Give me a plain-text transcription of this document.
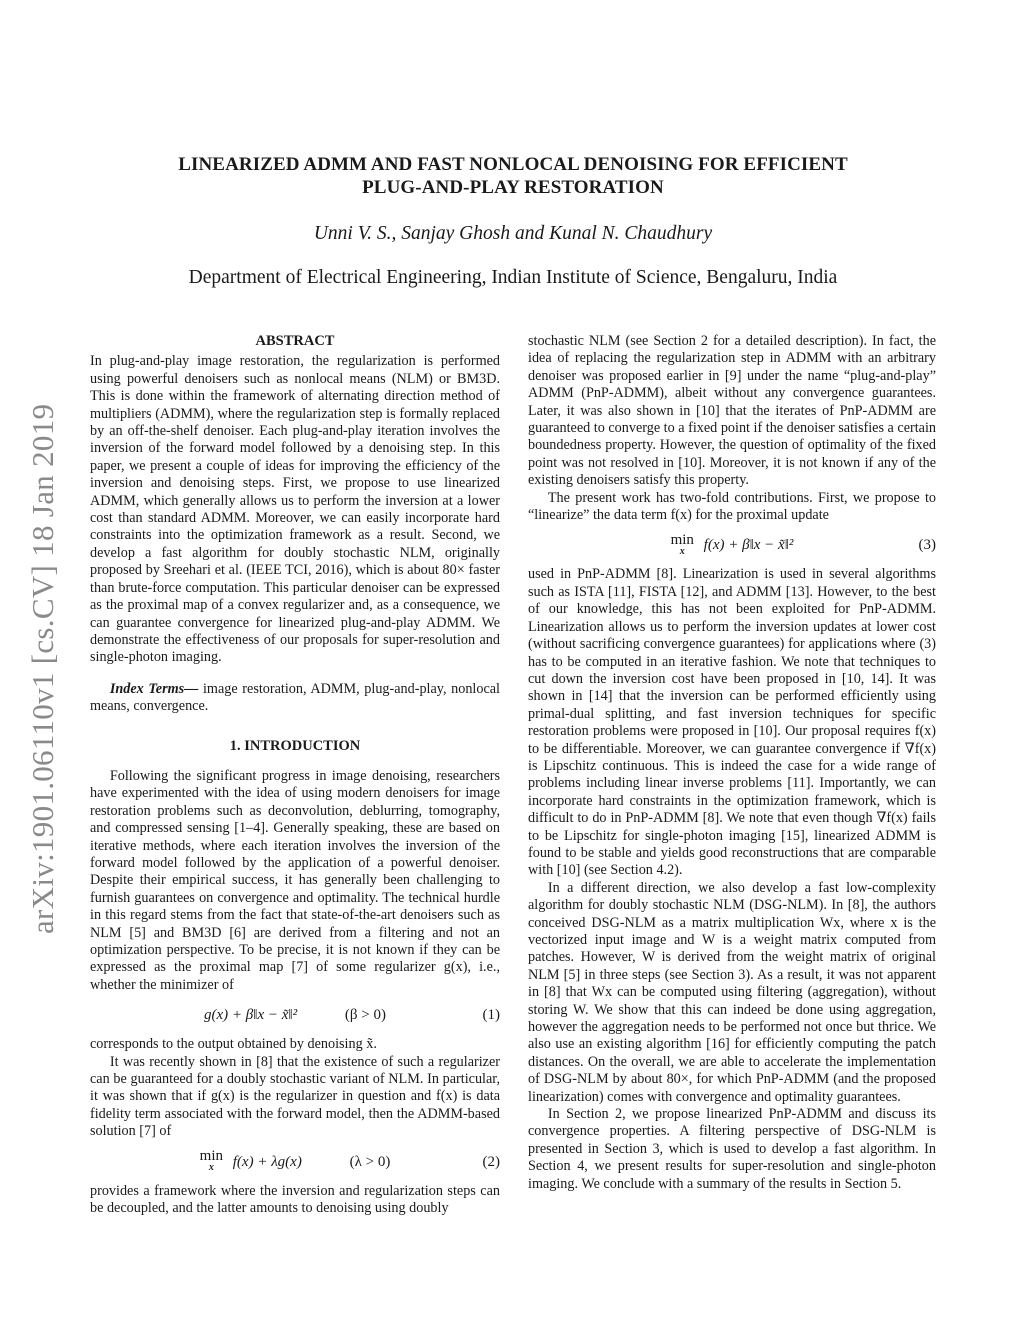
arXiv:1901.06110v1 [cs.CV] 18 Jan 2019
LINEARIZED ADMM AND FAST NONLOCAL DENOISING FOR EFFICIENT
PLUG-AND-PLAY RESTORATION
Unni V. S., Sanjay Ghosh and Kunal N. Chaudhury
Department of Electrical Engineering, Indian Institute of Science, Bengaluru, India
ABSTRACT

In plug-and-play image restoration, the regularization is performed using powerful denoisers such as nonlocal means (NLM) or BM3D. This is done within the framework of alternating direction method of multipliers (ADMM), where the regularization step is formally replaced by an off-the-shelf denoiser. Each plug-and-play iteration involves the inversion of the forward model followed by a denoising step. In this paper, we present a couple of ideas for improving the efficiency of the inversion and denoising steps. First, we propose to use linearized ADMM, which generally allows us to perform the inversion at a lower cost than standard ADMM. Moreover, we can easily incorporate hard constraints into the optimization framework as a result. Second, we develop a fast algorithm for doubly stochastic NLM, originally proposed by Sreehari et al. (IEEE TCI, 2016), which is about 80× faster than brute-force computation. This particular denoiser can be expressed as the proximal map of a convex regularizer and, as a consequence, we can guarantee convergence for linearized plug-and-play ADMM. We demonstrate the effectiveness of our proposals for super-resolution and single-photon imaging.

Index Terms— image restoration, ADMM, plug-and-play, nonlocal means, convergence.

1. INTRODUCTION

Following the significant progress in image denoising, researchers have experimented with the idea of using modern denoisers for image restoration problems such as deconvolution, deblurring, tomography, and compressed sensing [1–4]. Generally speaking, these are based on iterative methods, where each iteration involves the inversion of the forward model followed by the application of a powerful denoiser. Despite their empirical success, it has generally been challenging to furnish guarantees on convergence and optimality. The technical hurdle in this regard stems from the fact that state-of-the-art denoisers such as NLM [5] and BM3D [6] are derived from a filtering and not an optimization perspective. To be precise, it is not known if they can be expressed as the proximal map [7] of some regularizer g(x), i.e., whether the minimizer of

g(x) + β‖x − x̃‖²	(β > 0)	(1)

corresponds to the output obtained by denoising x̃.

It was recently shown in [8] that the existence of such a regularizer can be guaranteed for a doubly stochastic variant of NLM. In particular, it was shown that if g(x) is the regularizer in question and f(x) is data fidelity term associated with the forward model, then the ADMM-based solution [7] of

min
x	f(x) + λg(x)	(λ > 0)	(2)

provides a framework where the inversion and regularization steps can be decoupled, and the latter amounts to denoising using doubly

stochastic NLM (see Section 2 for a detailed description). In fact, the idea of replacing the regularization step in ADMM with an arbitrary denoiser was proposed earlier in [9] under the name “plug-and-play” ADMM (PnP-ADMM), albeit without any convergence guarantees. Later, it was also shown in [10] that the iterates of PnP-ADMM are guaranteed to converge to a fixed point if the denoiser satisfies a certain boundedness property. However, the question of optimality of the fixed point was not resolved in [10]. Moreover, it is not known if any of the existing denoisers satisfy this property.

The present work has two-fold contributions. First, we propose to “linearize” the data term f(x) for the proximal update

min
x	f(x) + β‖x − x̃‖²	(3)

used in PnP-ADMM [8]. Linearization is used in several algorithms such as ISTA [11], FISTA [12], and ADMM [13]. However, to the best of our knowledge, this has not been exploited for PnP-ADMM. Linearization allows us to perform the inversion updates at lower cost (without sacrificing convergence guarantees) for applications where (3) has to be computed in an iterative fashion. We note that techniques to cut down the inversion cost have been proposed in [10, 14]. It was shown in [14] that the inversion can be performed efficiently using primal-dual splitting, and fast inversion techniques for specific restoration problems were proposed in [10]. Our proposal requires f(x) to be differentiable. Moreover, we can guarantee convergence if ∇f(x) is Lipschitz continuous. This is indeed the case for a wide range of problems including linear inverse problems [11]. Importantly, we can incorporate hard constraints in the optimization framework, which is difficult to do in PnP-ADMM [8]. We note that even though ∇f(x) fails to be Lipschitz for single-photon imaging [15], linearized ADMM is found to be stable and yields good reconstructions that are comparable with [10] (see Section 4.2).

In a different direction, we also develop a fast low-complexity algorithm for doubly stochastic NLM (DSG-NLM). In [8], the authors conceived DSG-NLM as a matrix multiplication Wx, where x is the vectorized input image and W is a weight matrix computed from patches. However, W is derived from the weight matrix of original NLM [5] in three steps (see Section 3). As a result, it was not apparent in [8] that Wx can be computed using filtering (aggregation), without storing W. We show that this can indeed be done using aggregation, however the aggregation needs to be performed not once but thrice. We also use an existing algorithm [16] for efficiently computing the patch distances. On the overall, we are able to accelerate the implementation of DSG-NLM by about 80×, for which PnP-ADMM (and the proposed linearization) comes with convergence and optimality guarantees.

In Section 2, we propose linearized PnP-ADMM and discuss its convergence properties. A filtering perspective of DSG-NLM is presented in Section 3, which is used to develop a fast algorithm. In Section 4, we present results for super-resolution and single-photon imaging. We conclude with a summary of the results in Section 5.
